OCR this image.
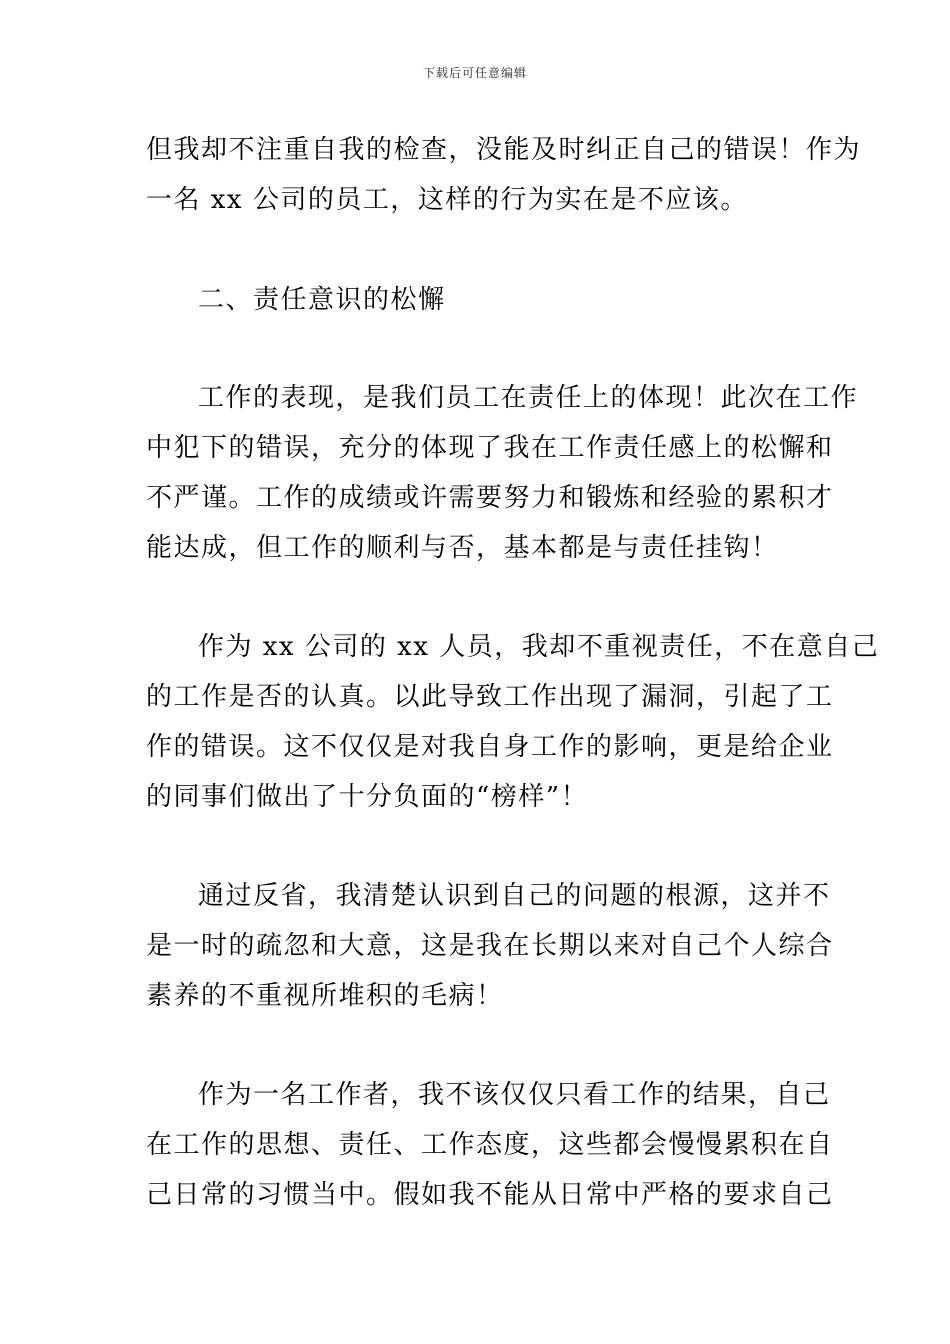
下载后可任意编辑
但我却不注重自我的检查，没能及时纠正自己的错误！作为
一名 xx 公司的员工，这样的行为实在是不应该。
二、责任意识的松懈
工作的表现，是我们员工在责任上的体现！此次在工作
中犯下的错误，充分的体现了我在工作责任感上的松懈和
不严谨。工作的成绩或许需要努力和锻炼和经验的累积才
能达成，但工作的顺利与否，基本都是与责任挂钩！
作为 xx 公司的 xx 人员，我却不重视责任，不在意自己
的工作是否的认真。以此导致工作出现了漏洞，引起了工
作的错误。这不仅仅是对我自身工作的影响，更是给企业
的同事们做出了十分负面的“榜样”！
通过反省，我清楚认识到自己的问题的根源，这并不
是一时的疏忽和大意，这是我在长期以来对自己个人综合
素养的不重视所堆积的毛病！
作为一名工作者，我不该仅仅只看工作的结果，自己
在工作的思想、责任、工作态度，这些都会慢慢累积在自
己日常的习惯当中。假如我不能从日常中严格的要求自己
